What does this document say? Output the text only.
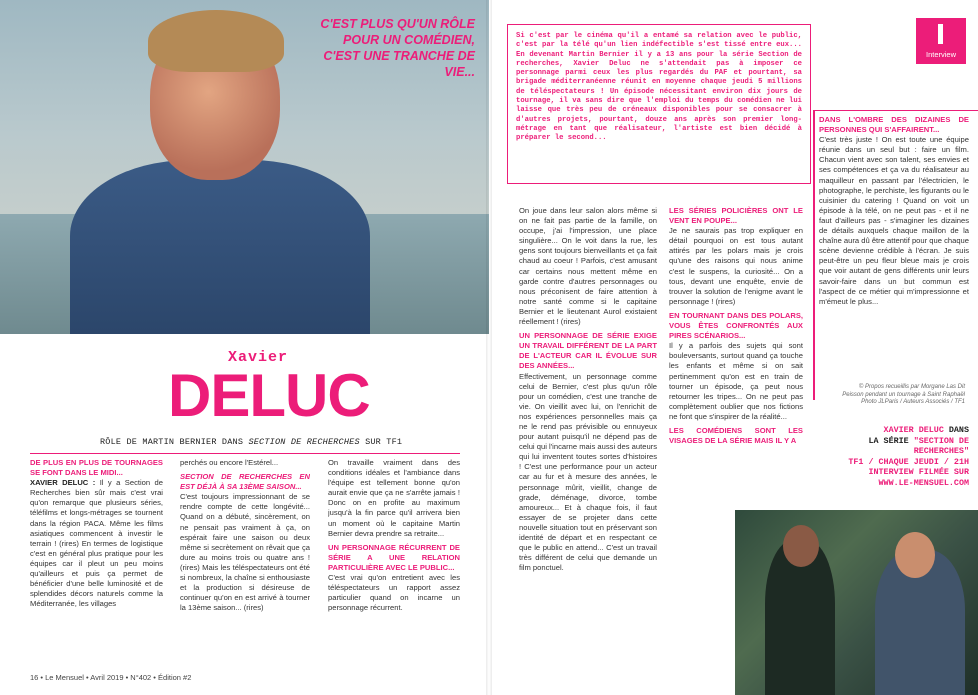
C'EST PLUS QU'UN RÔLE
POUR UN COMÉDIEN,
C'EST UNE TRANCHE DE VIE...
Xavier
DELUC
RÔLE DE MARTIN BERNIER DANS SECTION DE RECHERCHES SUR TF1

DE PLUS EN PLUS DE TOURNAGES SE FONT DANS LE MIDI...

XAVIER DELUC : Il y a Section de Recherches bien sûr mais c'est vrai qu'on remarque que plusieurs séries, téléfilms et longs-métrages se tournent dans la région PACA. Même les films asiatiques commencent à investir le terrain ! (rires) En termes de logistique c'est en général plus pratique pour les équipes car il pleut un peu moins qu'ailleurs et puis ça permet de bénéficier d'une belle luminosité et de splendides décors naturels comme la Méditerranée, les villages

perchés ou encore l'Estérel...

SECTION DE RECHERCHES EN EST DÉJÀ À SA 13ÈME SAISON...

C'est toujours impressionnant de se rendre compte de cette longévité... Quand on a débuté, sincèrement, on ne pensait pas vraiment à ça, on espérait faire une saison ou deux même si secrètement on rêvait que ça dure au moins trois ou quatre ans ! (rires) Mais les téléspectateurs ont été si nombreux, la chaîne si enthousiaste et la production si désireuse de continuer qu'on en est arrivé à tourner la 13ème saison... (rires)

On travaille vraiment dans des conditions idéales et l'ambiance dans l'équipe est tellement bonne qu'on aurait envie que ça ne s'arrête jamais ! Donc on en profite au maximum jusqu'à la fin parce qu'il arrivera bien un moment où le capitaine Martin Bernier devra prendre sa retraite...

UN PERSONNAGE RÉCURRENT DE SÉRIE A UNE RELATION PARTICULIÈRE AVEC LE PUBLIC...

C'est vrai qu'on entretient avec les téléspectateurs un rapport assez particulier quand on incarne un personnage récurrent.

16 • Le Mensuel • Avril 2019 • N°402 • Édition #2
Si c'est par le cinéma qu'il a entamé sa relation avec le public, c'est par la télé qu'un lien indéfectible s'est tissé entre eux... En devenant Martin Bernier il y a 13 ans pour la série Section de recherches, Xavier Deluc ne s'attendait pas à imposer ce personnage parmi ceux les plus regardés du PAF et pourtant, sa brigade méditerranéenne réunit en moyenne chaque jeudi 5 millions de téléspectateurs ! Un épisode nécessitant environ dix jours de tournage, il va sans dire que l'emploi du temps du comédien ne lui laisse que très peu de créneaux disponibles pour se consacrer à d'autres projets, pourtant, douze ans après son premier long-métrage en tant que réalisateur, l'artiste est bien décidé à préparer le second...
Interview

On joue dans leur salon alors même si on ne fait pas partie de la famille, on occupe, j'ai l'impression, une place singulière... On le voit dans la rue, les gens sont toujours bienveillants et ça fait chaud au coeur ! Parfois, c'est amusant car certains nous mettent même en garde contre d'autres personnages ou nous préconisent de faire attention à notre santé comme si le capitaine Bernier et le lieutenant Aurol existaient réellement ! (rires)

UN PERSONNAGE DE SÉRIE EXIGE UN TRAVAIL DIFFÉRENT DE LA PART DE L'ACTEUR CAR IL ÉVOLUE SUR DES ANNÉES...

Effectivement, un personnage comme celui de Bernier, c'est plus qu'un rôle pour un comédien, c'est une tranche de vie. On vieillit avec lui, on l'enrichit de nos expériences personnelles mais ça ne le rend pas prévisible ou ennuyeux pour autant puisqu'il ne dépend pas de celui qui l'incarne mais aussi des auteurs qui lui inventent toutes sortes d'histoires ! C'est une performance pour un acteur car au fur et à mesure des années, le personnage mûrit, vieillit, change de grade, déménage, divorce, tombe amoureux... Et à chaque fois, il faut essayer de se projeter dans cette nouvelle situation tout en préservant son identité de départ et en respectant ce que le public en attend... C'est un travail très différent de celui que demande un film ponctuel.

LES SÉRIES POLICIÈRES ONT LE VENT EN POUPE...

Je ne saurais pas trop expliquer en détail pourquoi on est tous autant attirés par les polars mais je crois qu'une des raisons qui nous anime c'est le suspens, la curiosité... On a tous, devant une enquête, envie de trouver la solution de l'enigme avant le personnage ! (rires)

EN TOURNANT DANS DES POLARS, VOUS ÊTES CONFRONTÉS AUX PIRES SCÉNARIOS...

Il y a parfois des sujets qui sont bouleversants, surtout quand ça touche les enfants et même si on sait pertinemment qu'on est en train de tourner un épisode, ça peut nous retourner les tripes... On ne peut pas complètement oublier que nos fictions ne font que s'inspirer de la réalité...

LES COMÉDIENS SONT LES VISAGES DE LA SÉRIE MAIS IL Y A

DANS L'OMBRE DES DIZAINES DE PERSONNES QUI S'AFFAIRENT...

C'est très juste ! On est toute une équipe réunie dans un seul but : faire un film. Chacun vient avec son talent, ses envies et ses compétences et ça va du réalisateur au maquilleur en passant par l'électricien, le photographe, le perchiste, les figurants ou le cuisinier du catering ! Quand on voit un épisode à la télé, on ne peut pas - et il ne faut d'ailleurs pas - s'imaginer les dizaines de détails auxquels chaque maillon de la chaîne aura dû être attentif pour que chaque scène devienne crédible à l'écran. Je suis peut-être un peu fleur bleue mais je crois que voir autant de gens différents unir leurs savoir-faire dans un but commun est l'aspect de ce métier qui m'impressionne et m'émeut le plus...

© Propos recueillis par Morgane Las Dit
Peisson pendant un tournage à Saint Raphaël
Photo JLParis / Auteurs Associés / TF1
XAVIER DELUC DANS
LA SÉRIE "SECTION DE RECHERCHES"
TF1 / CHAQUE JEUDI / 21H
INTERVIEW FILMÉE SUR
WWW.LE-MENSUEL.COM
